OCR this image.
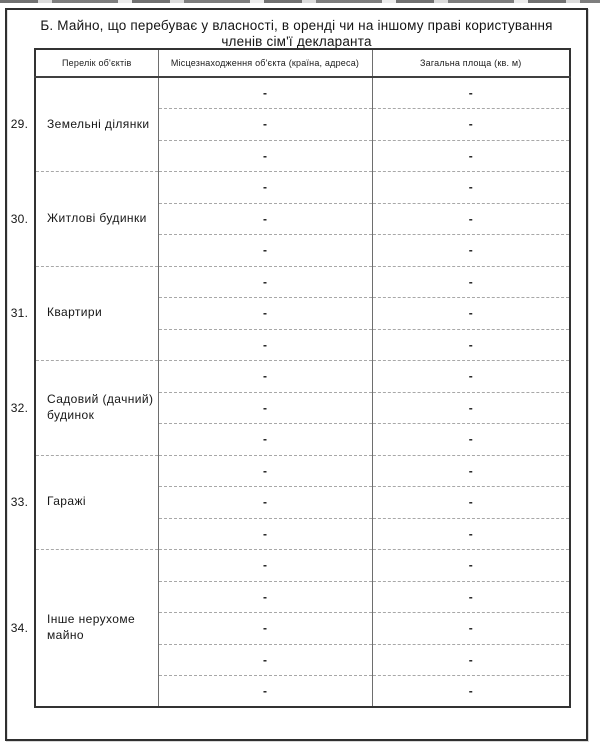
Б. Майно, що перебуває у власності, в оренді чи на іншому праві користування
членів сім'ї декларанта
	Перелік об'єктів	Місцезнаходження об'єкта (країна, адреса)	Загальна площа (кв. м)
29.	Земельні ділянки	-	-
		-	-
		-	-
30.	Житлові будинки	-	-
		-	-
		-	-
31.	Квартири	-	-
		-	-
		-	-
32.	Садовий (дачний) будинок	-	-
		-	-
		-	-
33.	Гаражі	-	-
		-	-
		-	-
34.	Інше нерухоме майно	-	-
		-	-
		-	-
		-	-
		-	-
